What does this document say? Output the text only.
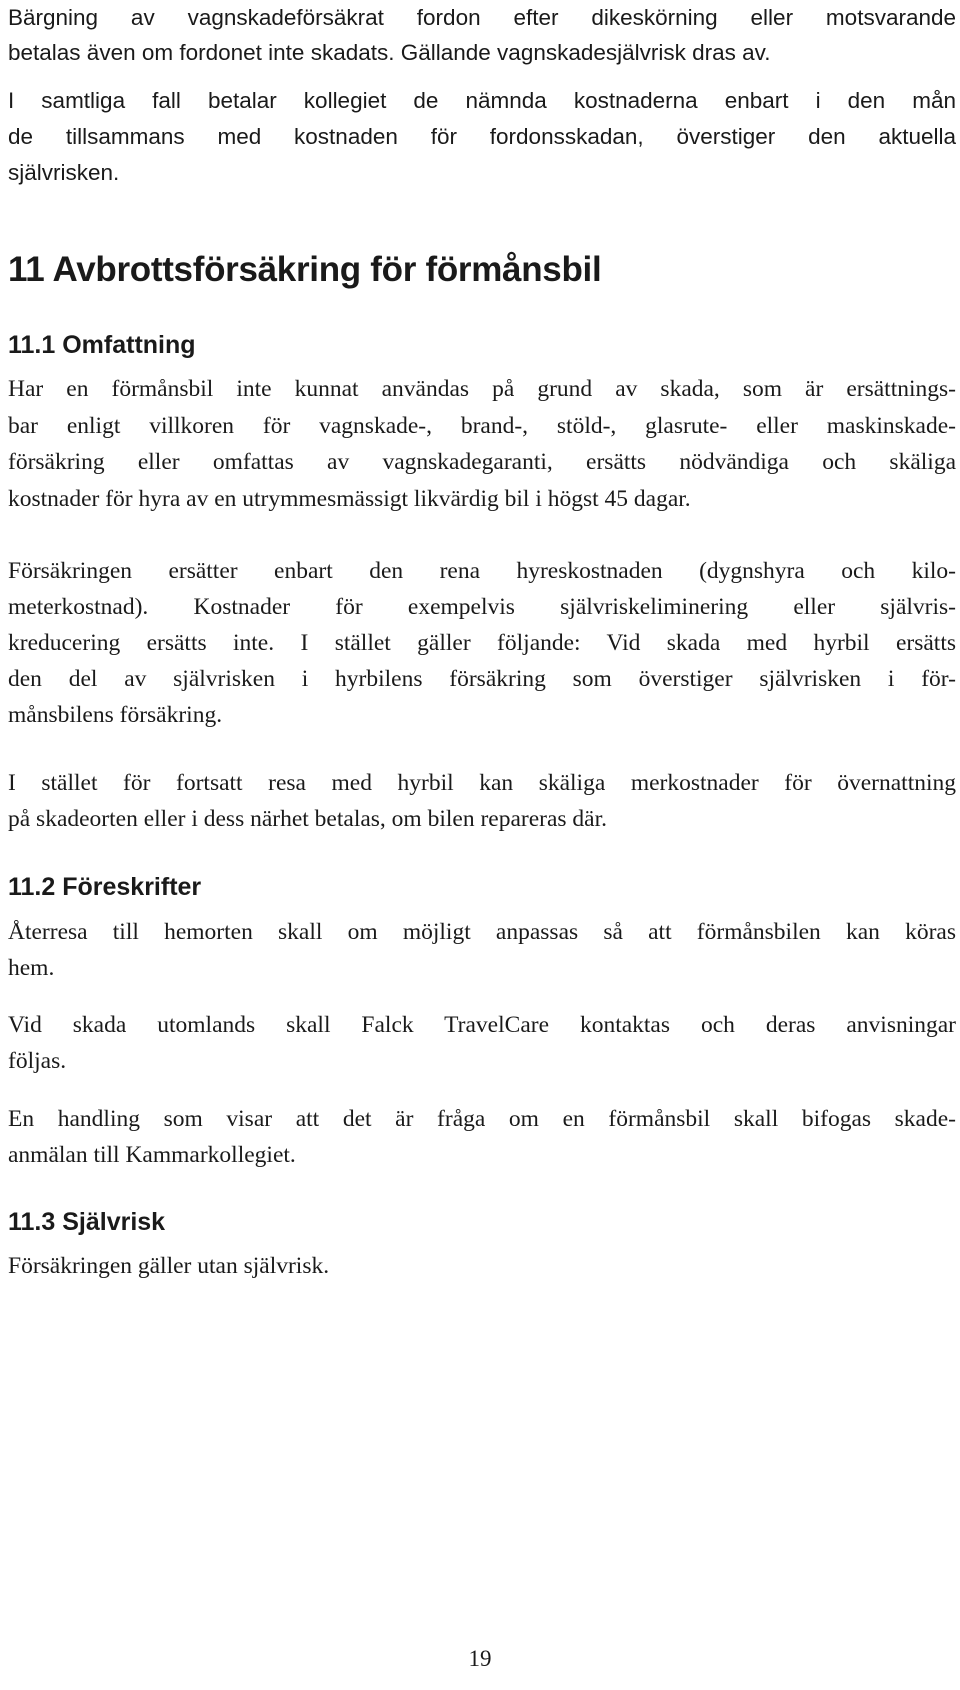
Bärgning av vagnskadeförsäkrat fordon efter dikeskörning eller motsvarande
betalas även om fordonet inte skadats. Gällande vagnskadesjälvrisk dras av.

I samtliga fall betalar kollegiet de nämnda kostnaderna enbart i den mån
de tillsammans med kostnaden för fordonsskadan, överstiger den aktuella
självrisken.

11 Avbrottsförsäkring för förmånsbil
11.1 Omfattning

Har en förmånsbil inte kunnat användas på grund av skada, som är ersättnings-
bar enligt villkoren för vagnskade-, brand-, stöld-, glasrute- eller maskinskade-
försäkring eller omfattas av vagnskadegaranti, ersätts nödvändiga och skäliga
kostnader för hyra av en utrymmesmässigt likvärdig bil i högst 45 dagar.

Försäkringen ersätter enbart den rena hyreskostnaden (dygnshyra och kilo-
meterkostnad). Kostnader för exempelvis självriskeliminering eller självris-
kreducering ersätts inte. I stället gäller följande: Vid skada med hyrbil ersätts
den del av självrisken i hyrbilens försäkring som överstiger självrisken i för-
månsbilens försäkring.

I stället för fortsatt resa med hyrbil kan skäliga merkostnader för övernattning
på skadeorten eller i dess närhet betalas, om bilen repareras där.

11.2 Föreskrifter

Återresa till hemorten skall om möjligt anpassas så att förmånsbilen kan köras
hem.

Vid skada utomlands skall Falck TravelCare kontaktas och deras anvisningar
följas.

En handling som visar att det är fråga om en förmånsbil skall bifogas skade-
anmälan till Kammarkollegiet.

11.3 Självrisk

Försäkringen gäller utan självrisk.

19
